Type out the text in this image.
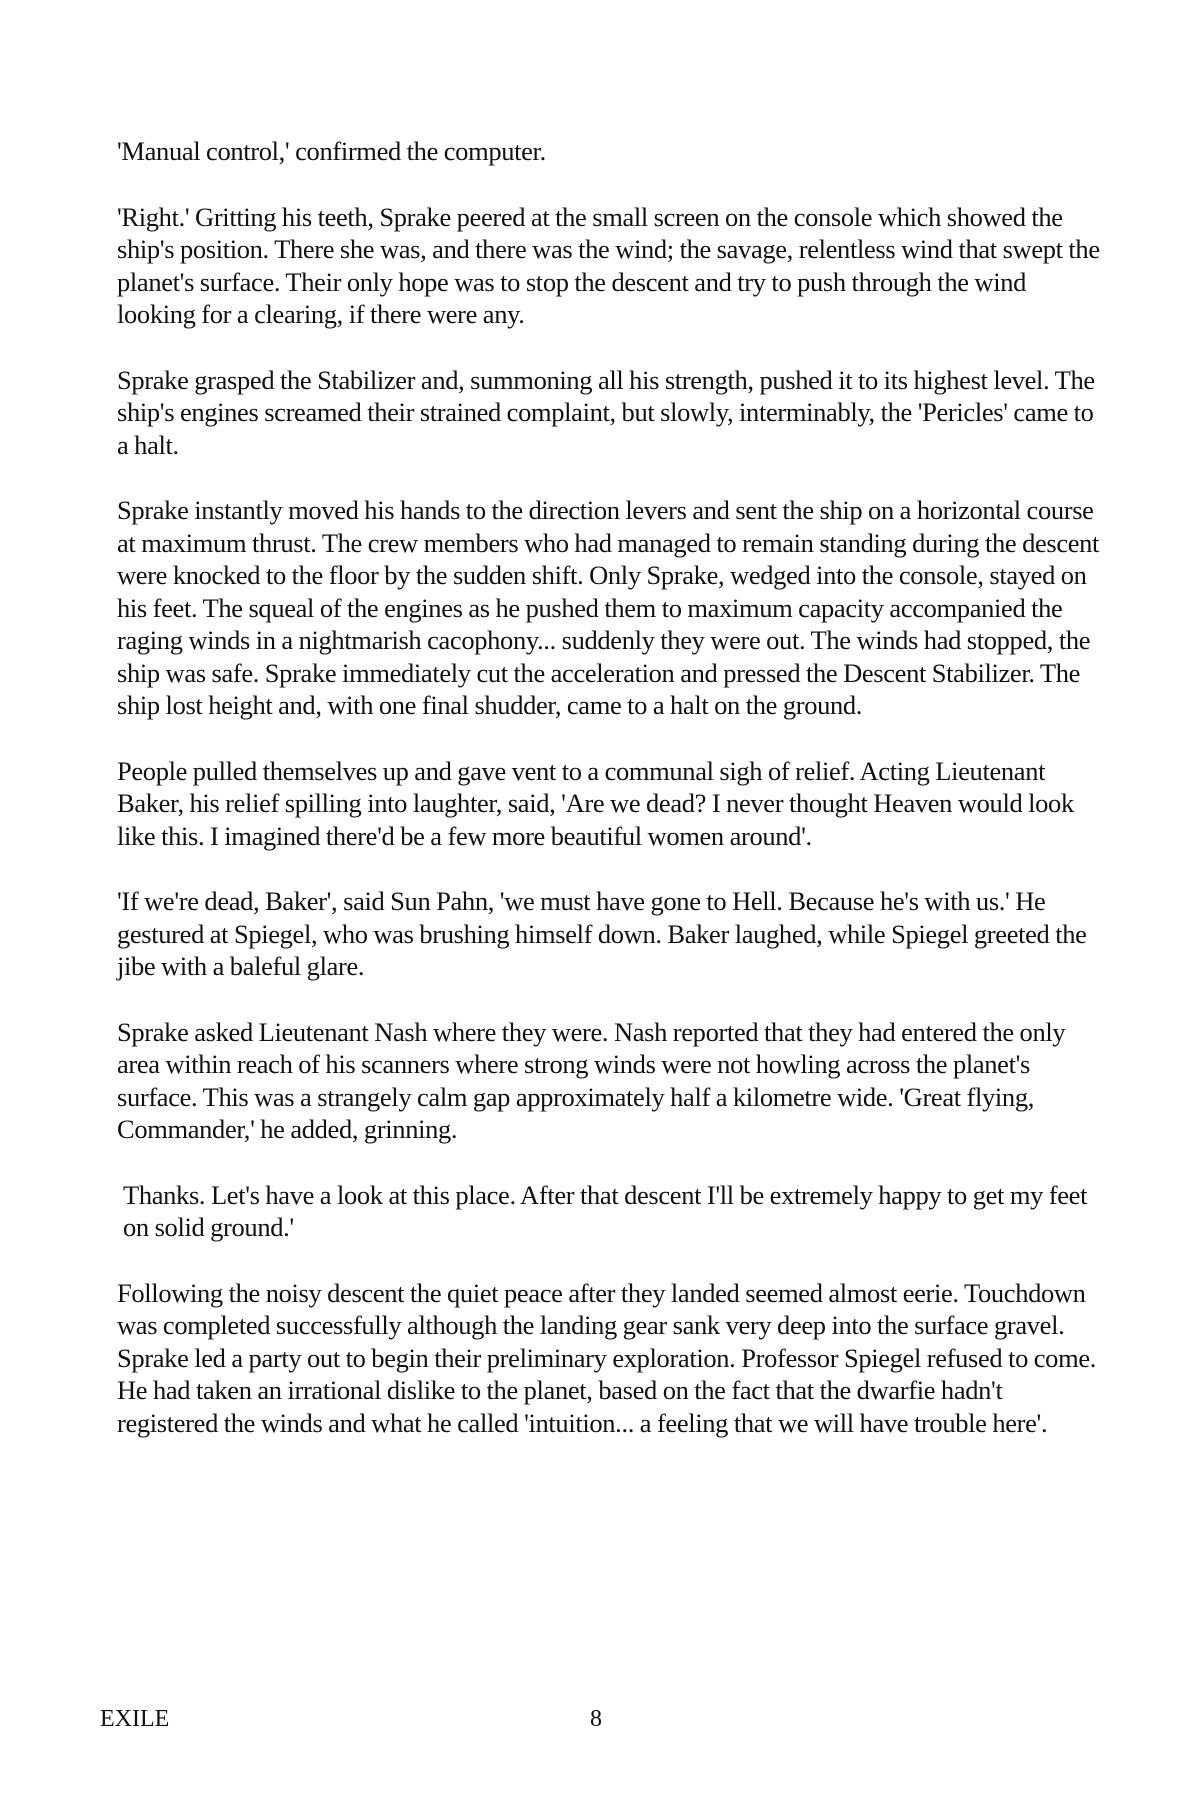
'Manual control,' confirmed the computer.

'Right.' Gritting his teeth, Sprake peered at the small screen on the console which showed the ship's position. There she was, and there was the wind; the savage, relentless wind that swept the planet's surface. Their only hope was to stop the descent and try to push through the wind looking for a clearing, if there were any.

Sprake grasped the Stabilizer and, summoning all his strength, pushed it to its highest level. The ship's engines screamed their strained complaint, but slowly, interminably, the 'Pericles' came to a halt.

Sprake instantly moved his hands to the direction levers and sent the ship on a horizontal course at maximum thrust. The crew members who had managed to remain standing during the descent were knocked to the floor by the sudden shift. Only Sprake, wedged into the console, stayed on his feet. The squeal of the engines as he pushed them to maximum capacity accompanied the raging winds in a nightmarish cacophony... suddenly they were out. The winds had stopped, the ship was safe. Sprake immediately cut the acceleration and pressed the Descent Stabilizer. The ship lost height and, with one final shudder, came to a halt on the ground.

People pulled themselves up and gave vent to a communal sigh of relief. Acting Lieutenant Baker, his relief spilling into laughter, said, 'Are we dead? I never thought Heaven would look like this. I imagined there'd be a few more beautiful women around'.

'If we're dead, Baker', said Sun Pahn, 'we must have gone to Hell. Because he's with us.' He gestured at Spiegel, who was brushing himself down. Baker laughed, while Spiegel greeted the jibe with a baleful glare.

Sprake asked Lieutenant Nash where they were. Nash reported that they had entered the only area within reach of his scanners where strong winds were not howling across the planet's surface. This was a strangely calm gap approximately half a kilometre wide. 'Great flying, Commander,' he added, grinning.

Thanks. Let's have a look at this place. After that descent I'll be extremely happy to get my feet on solid ground.'

Following the noisy descent the quiet peace after they landed seemed almost eerie. Touchdown was completed successfully although the landing gear sank very deep into the surface gravel. Sprake led a party out to begin their preliminary exploration. Professor Spiegel refused to come. He had taken an irrational dislike to the planet, based on the fact that the dwarfie hadn't registered the winds and what he called 'intuition... a feeling that we will have trouble here'.

EXILE	8
